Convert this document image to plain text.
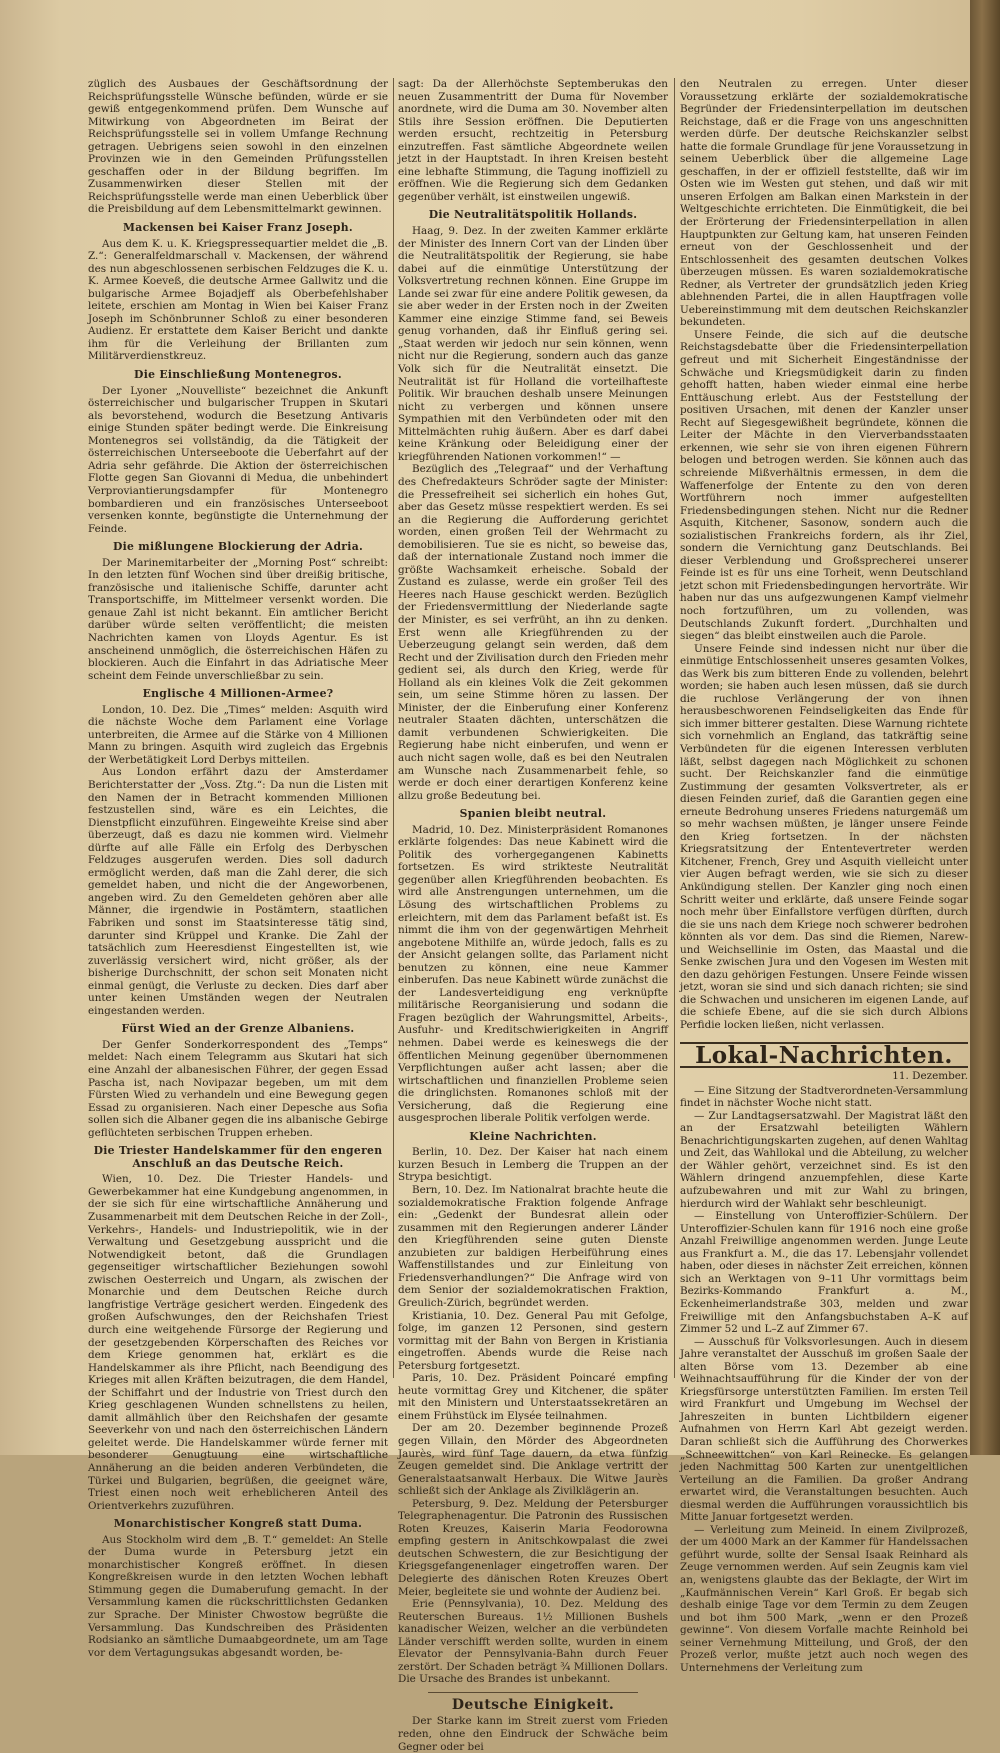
züglich des Ausbaues der Geschäftsordnung der Reichsprüfungsstelle Wünsche befünden, würde er sie gewiß entgegenkommend prüfen. Dem Wunsche auf Mitwirkung von Abgeordneten im Beirat der Reichsprüfungsstelle sei in vollem Umfange Rechnung getragen. Uebrigens seien sowohl in den einzelnen Provinzen wie in den Gemeinden Prüfungsstellen geschaffen oder in der Bildung begriffen. Im Zusammenwirken dieser Stellen mit der Reichsprüfungsstelle werde man einen Ueberblick über die Preisbildung auf dem Lebensmittelmarkt gewinnen.

Mackensen bei Kaiser Franz Joseph.

Aus dem K. u. K. Kriegspressequartier meldet die „B. Z.“: Generalfeldmarschall v. Mackensen, der während des nun abgeschlossenen serbischen Feldzuges die K. u. K. Armee Koeveß, die deutsche Armee Gallwitz und die bulgarische Armee Bojadjeff als Oberbefehlshaber leitete, erschien am Montag in Wien bei Kaiser Franz Joseph im Schönbrunner Schloß zu einer besonderen Audienz. Er erstattete dem Kaiser Bericht und dankte ihm für die Verleihung der Brillanten zum Militärverdienstkreuz.

Die Einschließung Montenegros.

Der Lyoner „Nouvelliste“ bezeichnet die Ankunft österreichischer und bulgarischer Truppen in Skutari als bevorstehend, wodurch die Besetzung Antivaris einige Stunden später bedingt werde. Die Einkreisung Montenegros sei vollständig, da die Tätigkeit der österreichischen Unterseeboote die Ueberfahrt auf der Adria sehr gefährde. Die Aktion der österreichischen Flotte gegen San Giovanni di Medua, die unbehindert Verproviantierungsdampfer für Montenegro bombardieren und ein französisches Unterseeboot versenken konnte, begünstigte die Unternehmung der Feinde.

Die mißlungene Blockierung der Adria.

Der Marinemitarbeiter der „Morning Post“ schreibt: In den letzten fünf Wochen sind über dreißig britische, französische und italienische Schiffe, darunter acht Transportschiffe, im Mittelmeer versenkt worden. Die genaue Zahl ist nicht bekannt. Ein amtlicher Bericht darüber würde selten veröffentlicht; die meisten Nachrichten kamen von Lloyds Agentur. Es ist anscheinend unmöglich, die österreichischen Häfen zu blockieren. Auch die Einfahrt in das Adriatische Meer scheint dem Feinde unverschließbar zu sein.

Englische 4 Millionen-Armee?

London, 10. Dez. Die „Times“ melden: Asquith wird die nächste Woche dem Parlament eine Vorlage unterbreiten, die Armee auf die Stärke von 4 Millionen Mann zu bringen. Asquith wird zugleich das Ergebnis der Werbetätigkeit Lord Derbys mitteilen.

Aus London erfährt dazu der Amsterdamer Berichterstatter der „Voss. Ztg.“: Da nun die Listen mit den Namen der in Betracht kommenden Millionen festzustellen sind, wäre es ein Leichtes, die Dienstpflicht einzuführen. Eingeweihte Kreise sind aber überzeugt, daß es dazu nie kommen wird. Vielmehr dürfte auf alle Fälle ein Erfolg des Derbyschen Feldzuges ausgerufen werden. Dies soll dadurch ermöglicht werden, daß man die Zahl derer, die sich gemeldet haben, und nicht die der Angeworbenen, angeben wird. Zu den Gemeldeten gehören aber alle Männer, die irgendwie in Postämtern, staatlichen Fabriken und sonst im Staatsinteresse tätig sind, darunter sind Krüppel und Kranke. Die Zahl der tatsächlich zum Heeresdienst Eingestellten ist, wie zuverlässig versichert wird, nicht größer, als der bisherige Durchschnitt, der schon seit Monaten nicht einmal genügt, die Verluste zu decken. Dies darf aber unter keinen Umständen wegen der Neutralen eingestanden werden.

Fürst Wied an der Grenze Albaniens.

Der Genfer Sonderkorrespondent des „Temps“ meldet: Nach einem Telegramm aus Skutari hat sich eine Anzahl der albanesischen Führer, der gegen Essad Pascha ist, nach Novipazar begeben, um mit dem Fürsten Wied zu verhandeln und eine Bewegung gegen Essad zu organisieren. Nach einer Depesche aus Sofia sollen sich die Albaner gegen die ins albanische Gebirge geflüchteten serbischen Truppen erheben.

Die Triester Handelskammer für den engeren Anschluß an das Deutsche Reich.

Wien, 10. Dez. Die Triester Handels- und Gewerbekammer hat eine Kundgebung angenommen, in der sie sich für eine wirtschaftliche Annäherung und Zusammenarbeit mit dem Deutschen Reiche in der Zoll-, Verkehrs-, Handels- und Industriepolitik, wie in der Verwaltung und Gesetzgebung ausspricht und die Notwendigkeit betont, daß die Grundlagen gegenseitiger wirtschaftlicher Beziehungen sowohl zwischen Oesterreich und Ungarn, als zwischen der Monarchie und dem Deutschen Reiche durch langfristige Verträge gesichert werden. Eingedenk des großen Aufschwunges, den der Reichshafen Triest durch eine weitgehende Fürsorge der Regierung und der gesetzgebenden Körperschaften des Reiches vor dem Kriege genommen hat, erklärt es die Handelskammer als ihre Pflicht, nach Beendigung des Krieges mit allen Kräften beizutragen, die dem Handel, der Schiffahrt und der Industrie von Triest durch den Krieg geschlagenen Wunden schnellstens zu heilen, damit allmählich über den Reichshafen der gesamte Seeverkehr von und nach den österreichischen Ländern geleitet werde. Die Handelskammer würde ferner mit besonderer Genugtuung eine wirtschaftliche Annäherung an die beiden anderen Verbündeten, die Türkei und Bulgarien, begrüßen, die geeignet wäre, Triest einen noch weit erheblicheren Anteil des Orientverkehrs zuzuführen.

Monarchistischer Kongreß statt Duma.

Aus Stockholm wird dem „B. T.“ gemeldet: An Stelle der Duma wurde in Petersburg jetzt ein monarchistischer Kongreß eröffnet. In diesen Kongreßkreisen wurde in den letzten Wochen lebhaft Stimmung gegen die Dumaberufung gemacht. In der Versammlung kamen die rückschrittlichsten Gedanken zur Sprache. Der Minister Chwostow begrüßte die Versammlung. Das Kundschreiben des Präsidenten Rodsianko an sämtliche Dumaabgeordnete, um am Tage vor dem Vertagungsukas abgesandt worden, be-

sagt: Da der Allerhöchste Septemberukas den neuen Zusammentritt der Duma für November anordnete, wird die Duma am 30. November alten Stils ihre Session eröffnen. Die Deputierten werden ersucht, rechtzeitig in Petersburg einzutreffen. Fast sämtliche Abgeordnete weilen jetzt in der Hauptstadt. In ihren Kreisen besteht eine lebhafte Stimmung, die Tagung inoffiziell zu eröffnen. Wie die Regierung sich dem Gedanken gegenüber verhält, ist einstweilen ungewiß.

Die Neutralitätspolitik Hollands.

Haag, 9. Dez. In der zweiten Kammer erklärte der Minister des Innern Cort van der Linden über die Neutralitätspolitik der Regierung, sie habe dabei auf die einmütige Unterstützung der Volksvertretung rechnen können. Eine Gruppe im Lande sei zwar für eine andere Politik gewesen, da sie aber weder in der Ersten noch in der Zweiten Kammer eine einzige Stimme fand, sei Beweis genug vorhanden, daß ihr Einfluß gering sei. „Staat werden wir jedoch nur sein können, wenn nicht nur die Regierung, sondern auch das ganze Volk sich für die Neutralität einsetzt. Die Neutralität ist für Holland die vorteilhafteste Politik. Wir brauchen deshalb unsere Meinungen nicht zu verbergen und können unsere Sympathien mit den Verbündeten oder mit den Mittelmächten ruhig äußern. Aber es darf dabei keine Kränkung oder Beleidigung einer der kriegführenden Nationen vorkommen!“ —

Bezüglich des „Telegraaf“ und der Verhaftung des Chefredakteurs Schröder sagte der Minister: die Pressefreiheit sei sicherlich ein hohes Gut, aber das Gesetz müsse respektiert werden. Es sei an die Regierung die Aufforderung gerichtet worden, einen großen Teil der Wehrmacht zu demobilisieren. Tue sie es nicht, so beweise das, daß der internationale Zustand noch immer die größte Wachsamkeit erheische. Sobald der Zustand es zulasse, werde ein großer Teil des Heeres nach Hause geschickt werden. Bezüglich der Friedensvermittlung der Niederlande sagte der Minister, es sei verfrüht, an ihn zu denken. Erst wenn alle Kriegführenden zu der Ueberzeugung gelangt sein werden, daß dem Recht und der Zivilisation durch den Frieden mehr gedient sei, als durch den Krieg, werde für Holland als ein kleines Volk die Zeit gekommen sein, um seine Stimme hören zu lassen. Der Minister, der die Einberufung einer Konferenz neutraler Staaten dächten, unterschätzen die damit verbundenen Schwierigkeiten. Die Regierung habe nicht einberufen, und wenn er auch nicht sagen wolle, daß es bei den Neutralen am Wunsche nach Zusammenarbeit fehle, so werde er doch einer derartigen Konferenz keine allzu große Bedeutung bei.

Spanien bleibt neutral.

Madrid, 10. Dez. Ministerpräsident Romanones erklärte folgendes: Das neue Kabinett wird die Politik des vorhergegangenen Kabinetts fortsetzen. Es wird strikteste Neutralität gegenüber allen Kriegführenden beobachten. Es wird alle Anstrengungen unternehmen, um die Lösung des wirtschaftlichen Problems zu erleichtern, mit dem das Parlament befaßt ist. Es nimmt die ihm von der gegenwärtigen Mehrheit angebotene Mithilfe an, würde jedoch, falls es zu der Ansicht gelangen sollte, das Parlament nicht benutzen zu können, eine neue Kammer einberufen. Das neue Kabinett würde zunächst die der Landesverteidigung eng verknüpfte militärische Reorganisierung und sodann die Fragen bezüglich der Wahrungsmittel, Arbeits-, Ausfuhr- und Kreditschwierigkeiten in Angriff nehmen. Dabei werde es keineswegs die der öffentlichen Meinung gegenüber übernommenen Verpflichtungen außer acht lassen; aber die wirtschaftlichen und finanziellen Probleme seien die dringlichsten. Romanones schloß mit der Versicherung, daß die Regierung eine ausgesprochen liberale Politik verfolgen werde.

Kleine Nachrichten.

Berlin, 10. Dez. Der Kaiser hat nach einem kurzen Besuch in Lemberg die Truppen an der Strypa besichtigt.

Bern, 10. Dez. Im Nationalrat brachte heute die sozialdemokratische Fraktion folgende Anfrage ein: „Gedenkt der Bundesrat allein oder zusammen mit den Regierungen anderer Länder den Kriegführenden seine guten Dienste anzubieten zur baldigen Herbeiführung eines Waffenstillstandes und zur Einleitung von Friedensverhandlungen?“ Die Anfrage wird von dem Senior der sozialdemokratischen Fraktion, Greulich-Zürich, begründet werden.

Kristiania, 10. Dez. General Pau mit Gefolge, folge, im ganzen 12 Personen, sind gestern vormittag mit der Bahn von Bergen in Kristiania eingetroffen. Abends wurde die Reise nach Petersburg fortgesetzt.

Paris, 10. Dez. Präsident Poincaré empfing heute vormittag Grey und Kitchener, die später mit den Ministern und Unterstaatssekretären an einem Frühstück im Elysée teilnahmen.

Der am 20. Dezember beginnende Prozeß gegen Villain, den Mörder des Abgeordneten Jaurès, wird fünf Tage dauern, da etwa fünfzig Zeugen gemeldet sind. Die Anklage vertritt der Generalstaatsanwalt Herbaux. Die Witwe Jaurès schließt sich der Anklage als Zivilklägerin an.

Petersburg, 9. Dez. Meldung der Petersburger Telegraphenagentur. Die Patronin des Russischen Roten Kreuzes, Kaiserin Maria Feodorowna empfing gestern in Anitschkowpalast die zwei deutschen Schwestern, die zur Besichtigung der Kriegsgefangenenlager eingetroffen waren. Der Delegierte des dänischen Roten Kreuzes Obert Meier, begleitete sie und wohnte der Audienz bei.

Erie (Pennsylvania), 10. Dez. Meldung des Reuterschen Bureaus. 1½ Millionen Bushels kanadischer Weizen, welcher an die verbündeten Länder verschifft werden sollte, wurden in einem Elevator der Pennsylvania-Bahn durch Feuer zerstört. Der Schaden beträgt ¾ Millionen Dollars. Die Ursache des Brandes ist unbekannt.

Deutsche Einigkeit.

Der Starke kann im Streit zuerst vom Frieden reden, ohne den Eindruck der Schwäche beim Gegner oder bei

den Neutralen zu erregen. Unter dieser Voraussetzung erklärte der sozialdemokratische Begründer der Friedensinterpellation im deutschen Reichstage, daß er die Frage von uns angeschnitten werden dürfe. Der deutsche Reichskanzler selbst hatte die formale Grundlage für jene Voraussetzung in seinem Ueberblick über die allgemeine Lage geschaffen, in der er offiziell feststellte, daß wir im Osten wie im Westen gut stehen, und daß wir mit unseren Erfolgen am Balkan einen Markstein in der Weltgeschichte errichteten. Die Einmütigkeit, die bei der Erörterung der Friedensinterpellation in allen Hauptpunkten zur Geltung kam, hat unseren Feinden erneut von der Geschlossenheit und der Entschlossenheit des gesamten deutschen Volkes überzeugen müssen. Es waren sozialdemokratische Redner, als Vertreter der grundsätzlich jeden Krieg ablehnenden Partei, die in allen Hauptfragen volle Uebereinstimmung mit dem deutschen Reichskanzler bekundeten.

Unsere Feinde, die sich auf die deutsche Reichstagsdebatte über die Friedensinterpellation gefreut und mit Sicherheit Eingeständnisse der Schwäche und Kriegsmüdigkeit darin zu finden gehofft hatten, haben wieder einmal eine herbe Enttäuschung erlebt. Aus der Feststellung der positiven Ursachen, mit denen der Kanzler unser Recht auf Siegesgewißheit begründete, können die Leiter der Mächte in den Vierverbandsstaaten erkennen, wie sehr sie von ihren eigenen Führern belogen und betrogen werden. Sie können auch das schreiende Mißverhältnis ermessen, in dem die Waffenerfolge der Entente zu den von deren Wortführern noch immer aufgestellten Friedensbedingungen stehen. Nicht nur die Redner Asquith, Kitchener, Sasonow, sondern auch die sozialistischen Frankreichs fordern, als ihr Ziel, sondern die Vernichtung ganz Deutschlands. Bei dieser Verblendung und Großsprecherei unserer Feinde ist es für uns eine Torheit, wenn Deutschland jetzt schon mit Friedensbedingungen hervorträte. Wir haben nur das uns aufgezwungenen Kampf vielmehr noch fortzuführen, um zu vollenden, was Deutschlands Zukunft fordert. „Durchhalten und siegen“ das bleibt einstweilen auch die Parole.

Unsere Feinde sind indessen nicht nur über die einmütige Entschlossenheit unseres gesamten Volkes, das Werk bis zum bitteren Ende zu vollenden, belehrt worden; sie haben auch lesen müssen, daß sie durch die ruchlose Verlängerung der von ihnen herausbeschworenen Feindseligkeiten das Ende für sich immer bitterer gestalten. Diese Warnung richtete sich vornehmlich an England, das tatkräftig seine Verbündeten für die eigenen Interessen verbluten läßt, selbst dagegen nach Möglichkeit zu schonen sucht. Der Reichskanzler fand die einmütige Zustimmung der gesamten Volksvertreter, als er diesen Feinden zurief, daß die Garantien gegen eine erneute Bedrohung unseres Friedens naturgemäß um so mehr wachsen müßten, je länger unsere Feinde den Krieg fortsetzen. In der nächsten Kriegsratsitzung der Ententevertreter werden Kitchener, French, Grey und Asquith vielleicht unter vier Augen befragt werden, wie sie sich zu dieser Ankündigung stellen. Der Kanzler ging noch einen Schritt weiter und erklärte, daß unsere Feinde sogar noch mehr über Einfallstore verfügen dürften, durch die sie uns nach dem Kriege noch schwerer bedrohen könnten als vor dem. Das sind die Riemen, Narew- und Weichsellinie im Osten, das Maastal und die Senke zwischen Jura und den Vogesen im Westen mit den dazu gehörigen Festungen. Unsere Feinde wissen jetzt, woran sie sind und sich danach richten; sie sind die Schwachen und unsicheren im eigenen Lande, auf die schiefe Ebene, auf die sie sich durch Albions Perfidie locken ließen, nicht verlassen.

Lokal-Nachrichten.
11. Dezember.

— Eine Sitzung der Stadtverordneten-Versammlung findet in nächster Woche nicht statt.

— Zur Landtagsersatzwahl. Der Magistrat läßt den an der Ersatzwahl beteiligten Wählern Benachrichtigungskarten zugehen, auf denen Wahltag und Zeit, das Wahllokal und die Abteilung, zu welcher der Wähler gehört, verzeichnet sind. Es ist den Wählern dringend anzuempfehlen, diese Karte aufzubewahren und mit zur Wahl zu bringen, hierdurch wird der Wahlakt sehr beschleunigt.

— Einstellung von Unteroffizier-Schülern. Der Unteroffizier-Schulen kann für 1916 noch eine große Anzahl Freiwillige angenommen werden. Junge Leute aus Frankfurt a. M., die das 17. Lebensjahr vollendet haben, oder dieses in nächster Zeit erreichen, können sich an Werktagen von 9–11 Uhr vormittags beim Bezirks-Kommando Frankfurt a. M., Eckenheimerlandstraße 303, melden und zwar Freiwillige mit den Anfangsbuchstaben A–K auf Zimmer 52 und L–Z auf Zimmer 67.

— Ausschuß für Volksvorlesungen. Auch in diesem Jahre veranstaltet der Ausschuß im großen Saale der alten Börse vom 13. Dezember ab eine Weihnachtsaufführung für die Kinder der von der Kriegsfürsorge unterstützten Familien. Im ersten Teil wird Frankfurt und Umgebung im Wechsel der Jahreszeiten in bunten Lichtbildern eigener Aufnahmen von Herrn Karl Abt gezeigt werden. Daran schließt sich die Aufführung des Chorwerkes „Schneewittchen“ von Karl Reinecke. Es gelangen jeden Nachmittag 500 Karten zur unentgeltlichen Verteilung an die Familien. Da großer Andrang erwartet wird, die Veranstaltungen besuchten. Auch diesmal werden die Aufführungen voraussichtlich bis Mitte Januar fortgesetzt werden.

— Verleitung zum Meineid. In einem Zivilprozeß, der um 4000 Mark an der Kammer für Handelssachen geführt wurde, sollte der Sensal Isaak Reinhard als Zeuge vernommen werden. Auf sein Zeugnis kam viel an, wenigstens glaubte das der Beklagte, der Wirt im „Kaufmännischen Verein“ Karl Groß. Er begab sich deshalb einige Tage vor dem Termin zu dem Zeugen und bot ihm 500 Mark, „wenn er den Prozeß gewinne“. Von diesem Vorfalle machte Reinhold bei seiner Vernehmung Mitteilung, und Groß, der den Prozeß verlor, mußte jetzt auch noch wegen des Unternehmens der Verleitung zum
